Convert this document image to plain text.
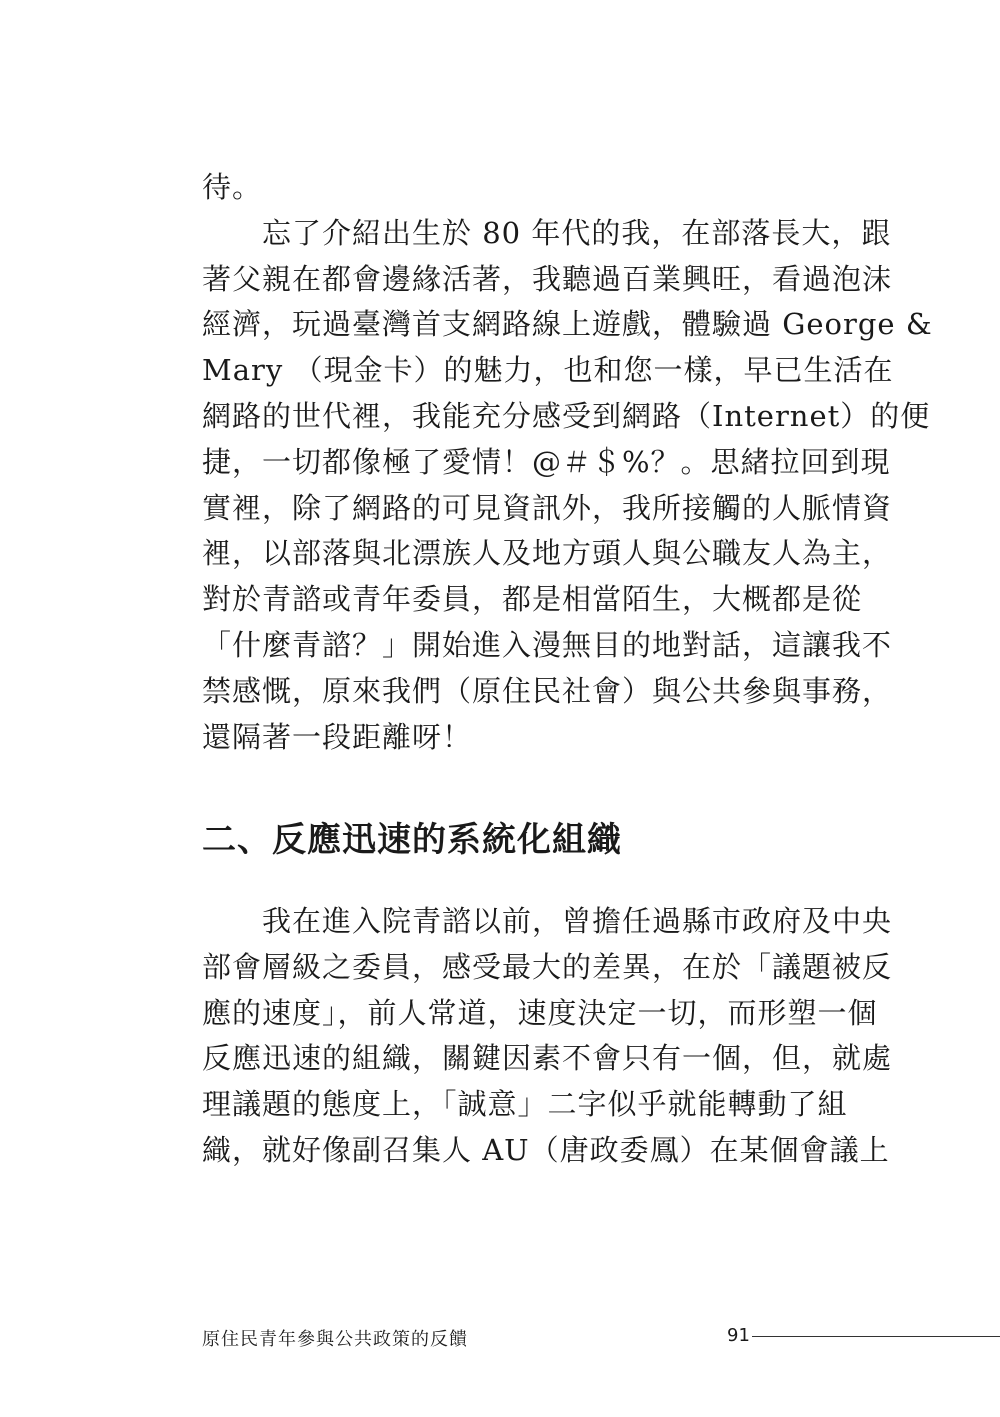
待。
　　忘了介紹出生於 80 年代的我，在部落長大，跟
著父親在都會邊緣活著，我聽過百業興旺，看過泡沫
經濟，玩過臺灣首支網路線上遊戲，體驗過 George &
Mary （現金卡）的魅力，也和您一樣，早已生活在
網路的世代裡，我能充分感受到網路（Internet）的便
捷，一切都像極了愛情！@＃＄%？。思緒拉回到現
實裡，除了網路的可見資訊外，我所接觸的人脈情資
裡，以部落與北漂族人及地方頭人與公職友人為主，
對於青諮或青年委員，都是相當陌生，大概都是從
「什麼青諮？」開始進入漫無目的地對話，這讓我不
禁感慨，原來我們（原住民社會）與公共參與事務，
還隔著一段距離呀！
二、反應迅速的系統化組織
　　我在進入院青諮以前，曾擔任過縣市政府及中央
部會層級之委員，感受最大的差異，在於「議題被反
應的速度」，前人常道，速度決定一切，而形塑一個
反應迅速的組織，關鍵因素不會只有一個，但，就處
理議題的態度上，「誠意」二字似乎就能轉動了組
織，就好像副召集人 AU（唐政委鳳）在某個會議上
原住民青年參與公共政策的反饋	91
